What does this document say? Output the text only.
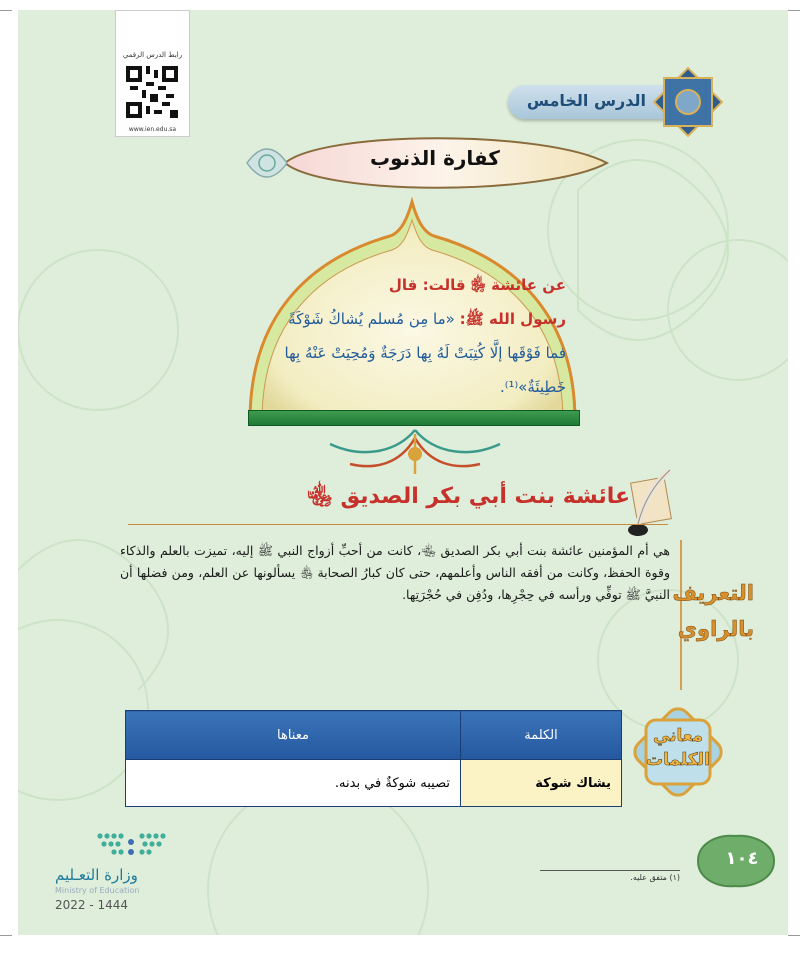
رابط الدرس الرقمي
www.ien.edu.sa
الدرس الخامس
كفارة الذنوب
عن عائشة ﵂ قالت: قال
رسول الله ﷺ: «ما مِن مُسلم يُشاكُ شَوْكَةً
فما فَوْقَها إلَّا كُتِبَتْ لَهُ بِها دَرَجَةٌ وَمُحِيَتْ عَنْهُ بِها
خَطِيئَةٌ»⁽¹⁾.
عائشة بنت أبي بكر الصديق ﵄
التعريف
بالراوي
هي أم المؤمنين عائشة بنت أبي بكر الصديق ﵄، كانت من أحبِّ أزواج النبي ﷺ إليه، تميزت بالعلم والذكاء وقوة الحفظ، وكانت من أفقه الناس وأعلمهم، حتى كان كبارُ الصحابة ﵃ يسألونها عن العلم، ومن فضلها أن النبيَّ ﷺ توفِّي ورأسه في حِجْرِها، ودُفِن في حُجْرَتِها.
الكلمة	معناها
يشاك شوكة	تصيبه شوكةٌ في بدنه.
معاني
الكلمات
وزارة التعـليم
Ministry of Education
2022 - 1444
(١) متفق عليه.
١٠٤
